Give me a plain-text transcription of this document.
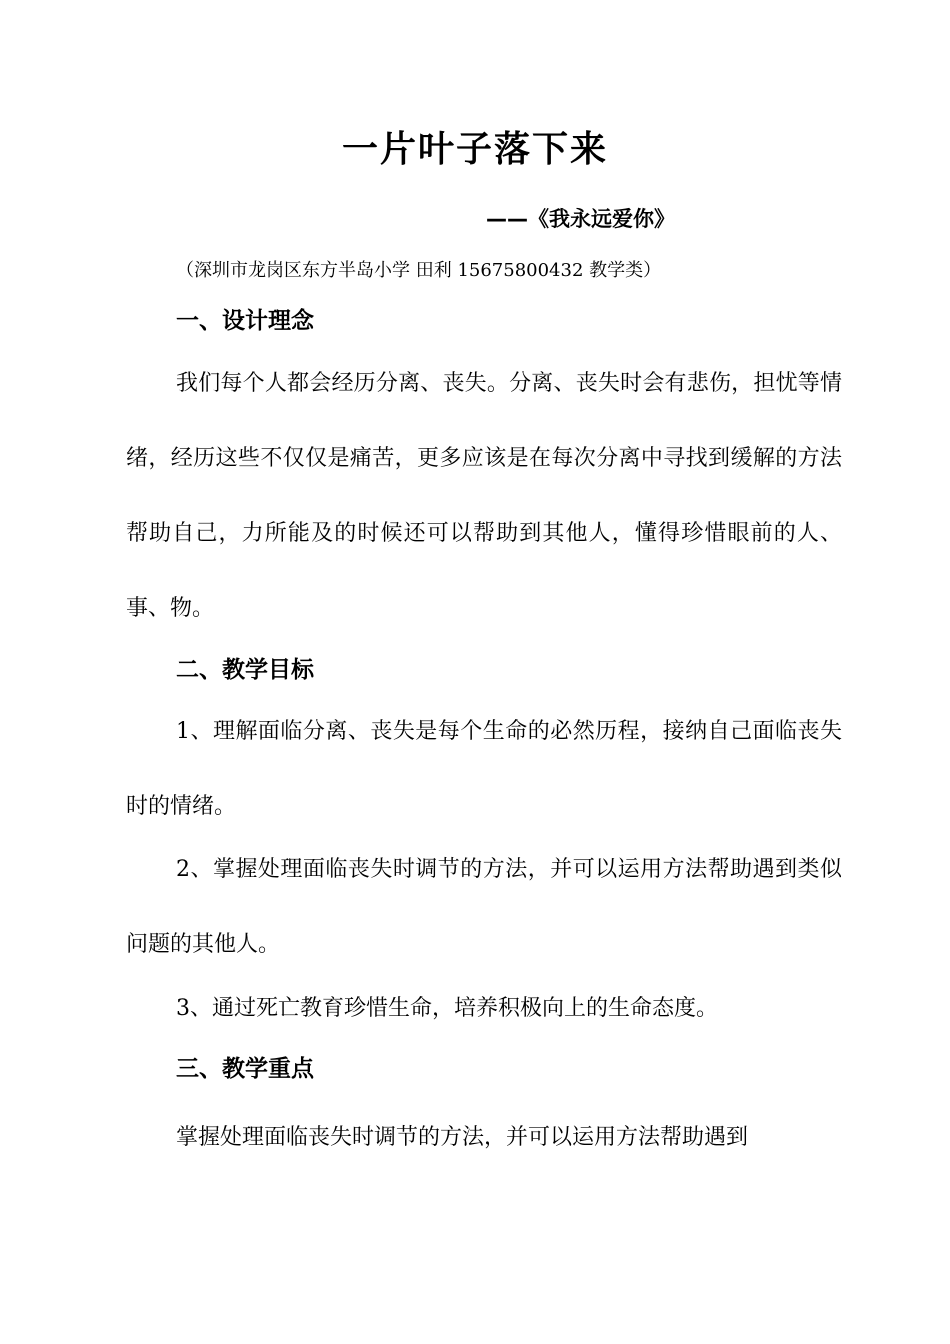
一片叶子落下来
——《我永远爱你》
（深圳市龙岗区东方半岛小学 田利 15675800432 教学类）
一、设计理念

我们每个人都会经历分离、丧失。分离、丧失时会有悲伤，担忧等情绪，经历这些不仅仅是痛苦，更多应该是在每次分离中寻找到缓解的方法帮助自己，力所能及的时候还可以帮助到其他人，懂得珍惜眼前的人、事、物。

二、教学目标

1、理解面临分离、丧失是每个生命的必然历程，接纳自己面临丧失时的情绪。

2、掌握处理面临丧失时调节的方法，并可以运用方法帮助遇到类似问题的其他人。

3、通过死亡教育珍惜生命，培养积极向上的生命态度。

三、教学重点

掌握处理面临丧失时调节的方法，并可以运用方法帮助遇到
